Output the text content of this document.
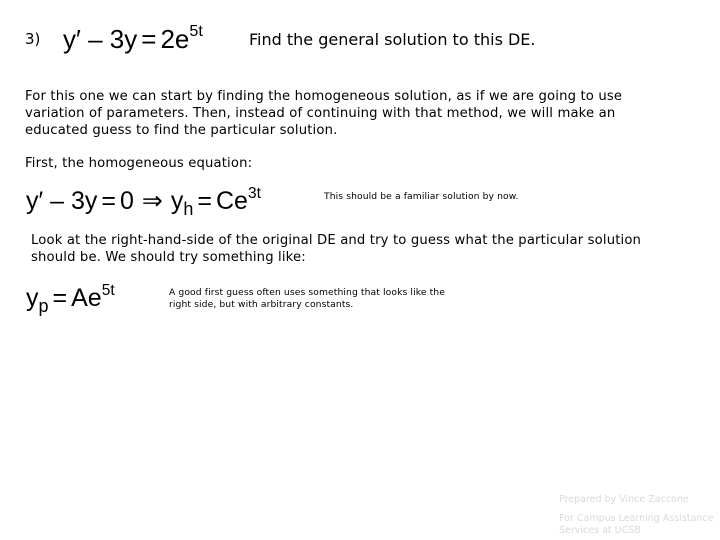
3) $y' - 3y = 2e^{5t}$	Find the general solution to this DE.
For this one we can start by finding the homogeneous solution, as if we are going to use variation of parameters. Then, instead of continuing with that method, we will make an educated guess to find the particular solution.
First, the homogeneous equation:
y′ – 3y = 0 ⇒ $y_h = Ce^{3t}$	This should be a familiar solution by now.
Look at the right-hand-side of the original DE and try to guess what the particular solution should be. We should try something like:
$y_p = Ae^{5t}$	A good first guess often uses something that looks like the right side, but with arbitrary constants.
Prepared by Vince Zaccone
For Campus Learning Assistance Services at UCSB
